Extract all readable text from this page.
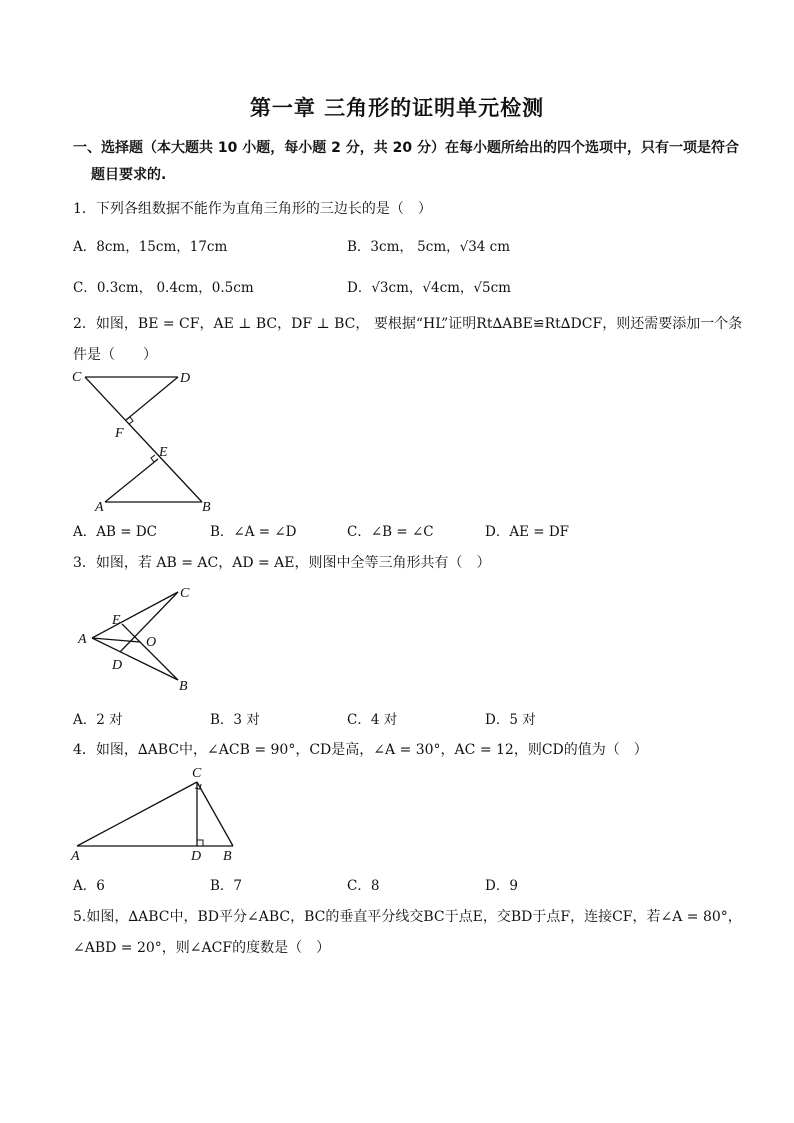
第一章 三角形的证明单元检测
一、选择题（本大题共 10 小题，每小题 2 分，共 20 分）在每小题所给出的四个选项中，只有一项是符合
题目要求的.
1．下列各组数据不能作为直角三角形的三边长的是（　）
A．8cm，15cm，17cm	B．3cm， 5cm，√34 cm
C．0.3cm， 0.4cm，0.5cm	D．√3cm，√4cm，√5cm
2．如图，BE = CF，AE ⊥ BC，DF ⊥ BC， 要根据“HL”证明Rt∆ABE≌Rt∆DCF，则还需要添加一个条
件是（　　）
C	D
F
E
A	B
A．AB = DC	B．∠A = ∠D	C．∠B = ∠C	D．AE = DF
3．如图，若 AB = AC，AD = AE，则图中全等三角形共有（　）
C
E
A	O
D
B
A．2 对	B．3 对	C．4 对	D．5 对
4．如图，∆ABC中，∠ACB = 90°，CD是高，∠A = 30°，AC = 12，则CD的值为（　）
C
A	D B
A．6	B．7	C．8	D．9
5.如图，∆ABC中，BD平分∠ABC，BC的垂直平分线交BC于点E，交BD于点F，连接CF，若∠A = 80°，
∠ABD = 20°，则∠ACF的度数是（　）
